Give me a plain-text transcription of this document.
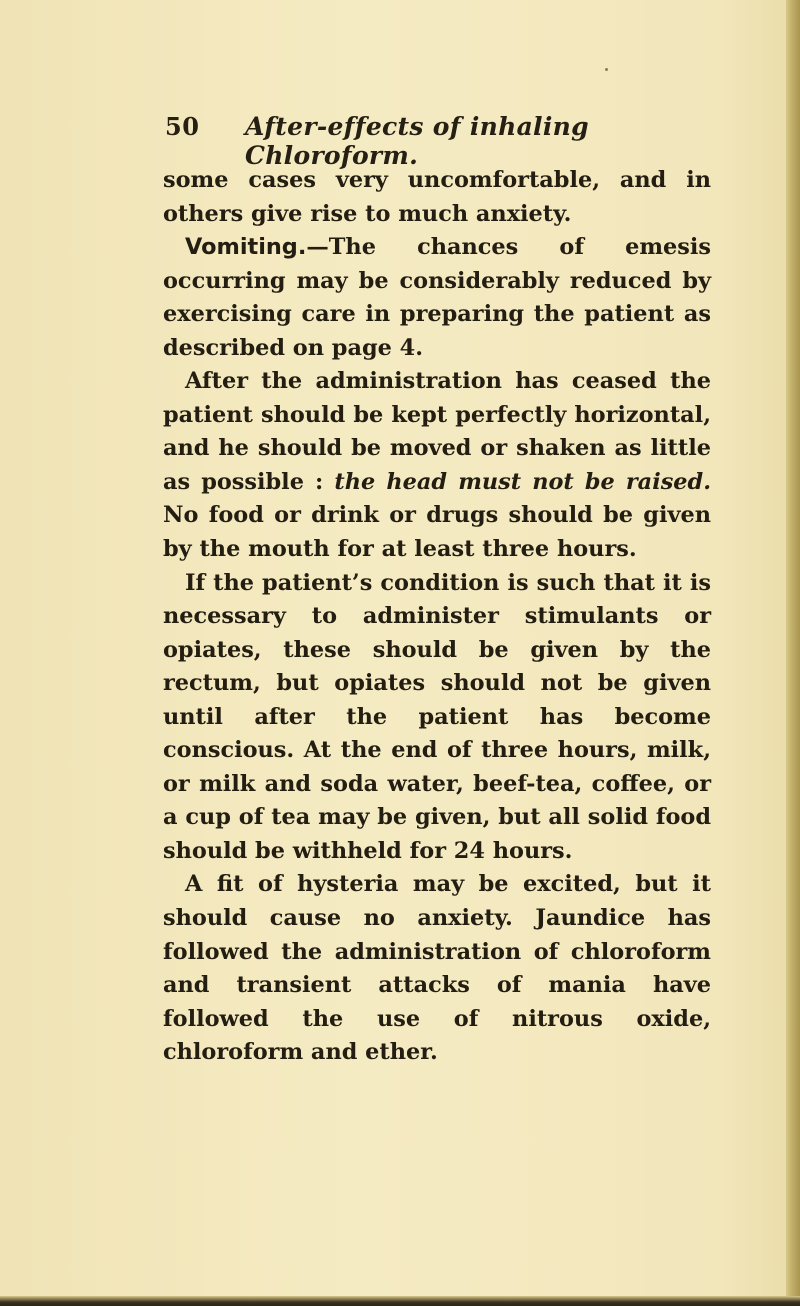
50 After-effects of inhaling Chloroform.

some cases very uncomfortable, and in others give rise to much anxiety.

Vomiting.—The chances of emesis occurring may be considerably reduced by exercising care in preparing the patient as described on page 4.

After the administration has ceased the patient should be kept perfectly horizontal, and he should be moved or shaken as little as possible : the head must not be raised. No food or drink or drugs should be given by the mouth for at least three hours.

If the patient’s condition is such that it is necessary to administer stimulants or opiates, these should be given by the rectum, but opiates should not be given until after the patient has become conscious. At the end of three hours, milk, or milk and soda water, beef-tea, coffee, or a cup of tea may be given, but all solid food should be withheld for 24 hours.

A fit of hysteria may be excited, but it should cause no anxiety. Jaundice has followed the administration of chloroform and transient attacks of mania have followed the use of nitrous oxide, chloroform and ether.
